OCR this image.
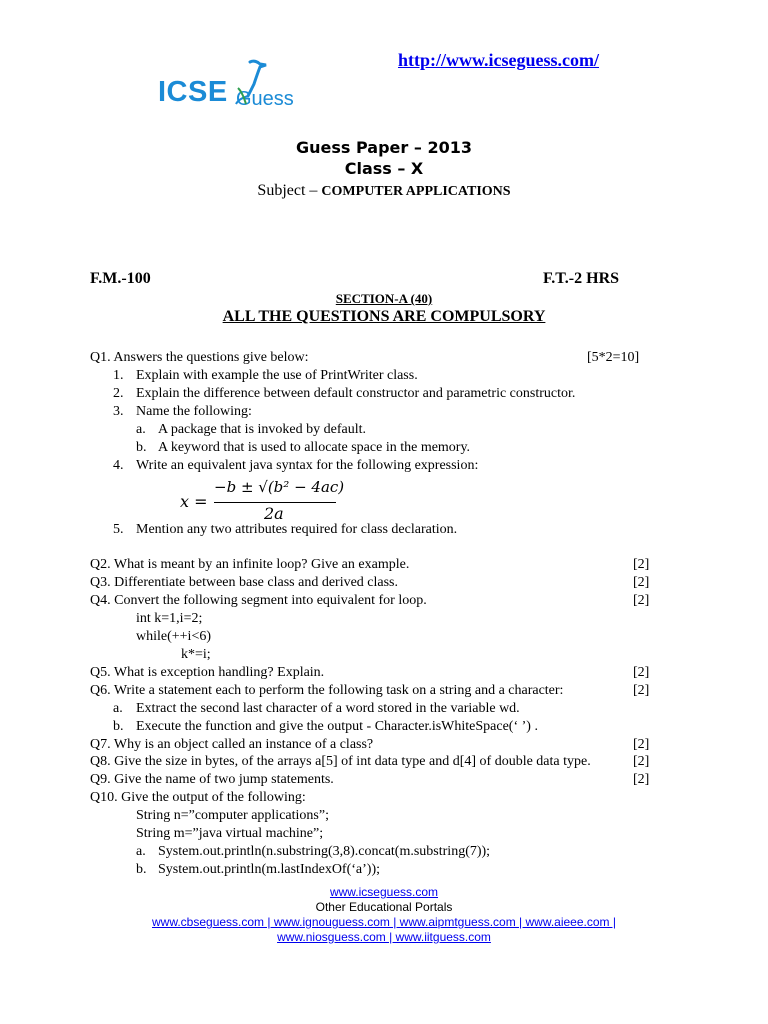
http://www.icseguess.com/
ICSE Guess
Guess Paper – 2013
Class – X
Subject – COMPUTER APPLICATIONS
F.M.-100	F.T.-2 HRS
SECTION-A (40)
ALL THE QUESTIONS ARE COMPULSORY
Q1. Answers the questions give below:	[5*2=10]
1. Explain with example the use of PrintWriter class.
2. Explain the difference between default constructor and parametric constructor.
3. Name the following:
a. A package that is invoked by default.
b. A keyword that is used to allocate space in the memory.
4. Write an equivalent java syntax for the following expression:
x =
−b ± √(b² − 4ac)
2a
5. Mention any two attributes required for class declaration.
Q2. What is meant by an infinite loop? Give an example.	[2]
Q3. Differentiate between base class and derived class.	[2]
Q4. Convert the following segment into equivalent for loop.	[2]
int k=1,i=2;
while(++i<6)
k*=i;
Q5. What is exception handling? Explain.	[2]
Q6. Write a statement each to perform the following task on a string and a character:	[2]
a. Extract the second last character of a word stored in the variable wd.
b. Execute the function and give the output - Character.isWhiteSpace(‘ ’) .
Q7. Why is an object called an instance of a class?	[2]
Q8. Give the size in bytes, of the arrays a[5] of int data type and d[4] of double data type.	[2]
Q9. Give the name of two jump statements.	[2]
Q10. Give the output of the following:
String n=”computer applications”;
String m=”java virtual machine”;
a. System.out.println(n.substring(3,8).concat(m.substring(7));
b. System.out.println(m.lastIndexOf(‘a’));
www.icseguess.com
Other Educational Portals
www.cbseguess.com | www.ignouguess.com | www.aipmtguess.com | www.aieee.com |
www.niosguess.com | www.iitguess.com
